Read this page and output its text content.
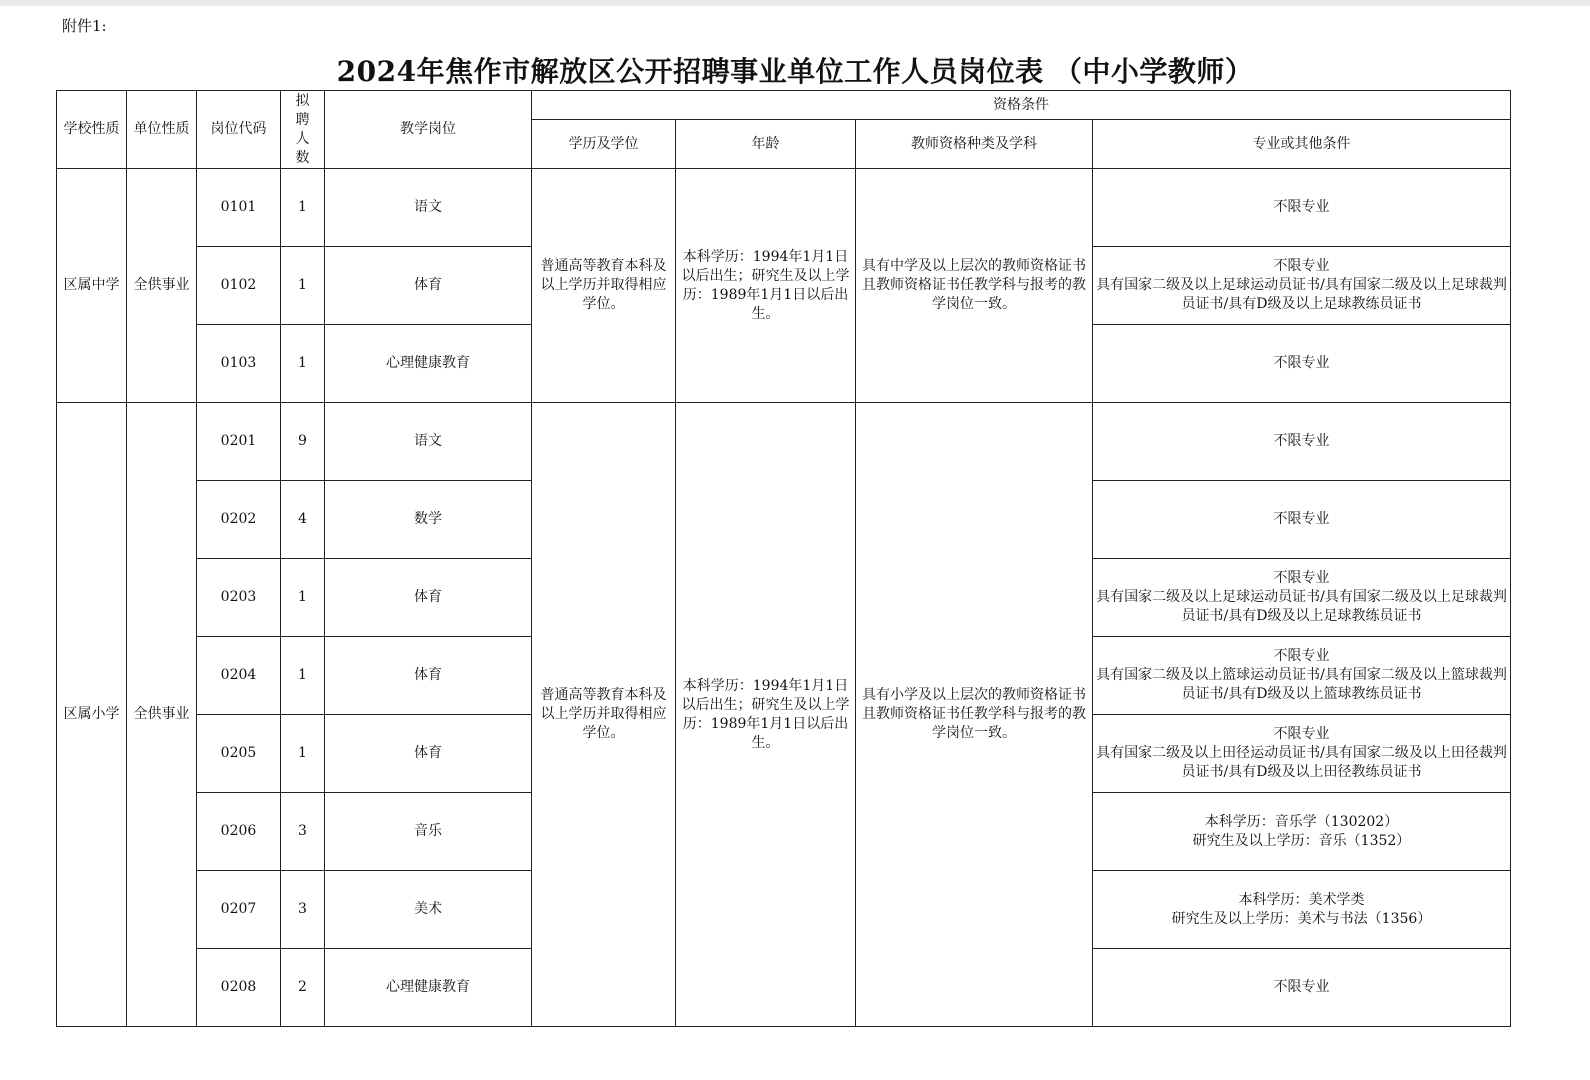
附件1:
2024年焦作市解放区公开招聘事业单位工作人员岗位表 （中小学教师）
学校性质	单位性质	岗位代码	拟聘人数	教学岗位	资格条件			
					学历及学位	年龄	教师资格种类及学科	专业或其他条件
区属中学	全供事业	0101	1	语文	普通高等教育本科及以上学历并取得相应学位。	本科学历：1994年1月1日以后出生；研究生及以上学历：1989年1月1日以后出生。	具有中学及以上层次的教师资格证书且教师资格证书任教学科与报考的教学岗位一致。	不限专业
		0102	1	体育				不限专业
具有国家二级及以上足球运动员证书/具有国家二级及以上足球裁判员证书/具有D级及以上足球教练员证书

		0103	1	心理健康教育				不限专业
区属小学	全供事业	0201	9	语文	普通高等教育本科及以上学历并取得相应学位。	本科学历：1994年1月1日以后出生；研究生及以上学历：1989年1月1日以后出生。	具有小学及以上层次的教师资格证书且教师资格证书任教学科与报考的教学岗位一致。	不限专业
		0202	4	数学				不限专业
		0203	1	体育				不限专业
具有国家二级及以上足球运动员证书/具有国家二级及以上足球裁判员证书/具有D级及以上足球教练员证书

		0204	1	体育				不限专业
具有国家二级及以上篮球运动员证书/具有国家二级及以上篮球裁判员证书/具有D级及以上篮球教练员证书

		0205	1	体育				不限专业
具有国家二级及以上田径运动员证书/具有国家二级及以上田径裁判员证书/具有D级及以上田径教练员证书

		0206	3	音乐				本科学历：音乐学（130202）
研究生及以上学历：音乐（1352）

		0207	3	美术				本科学历：美术学类
研究生及以上学历：美术与书法（1356）

		0208	2	心理健康教育				不限专业
